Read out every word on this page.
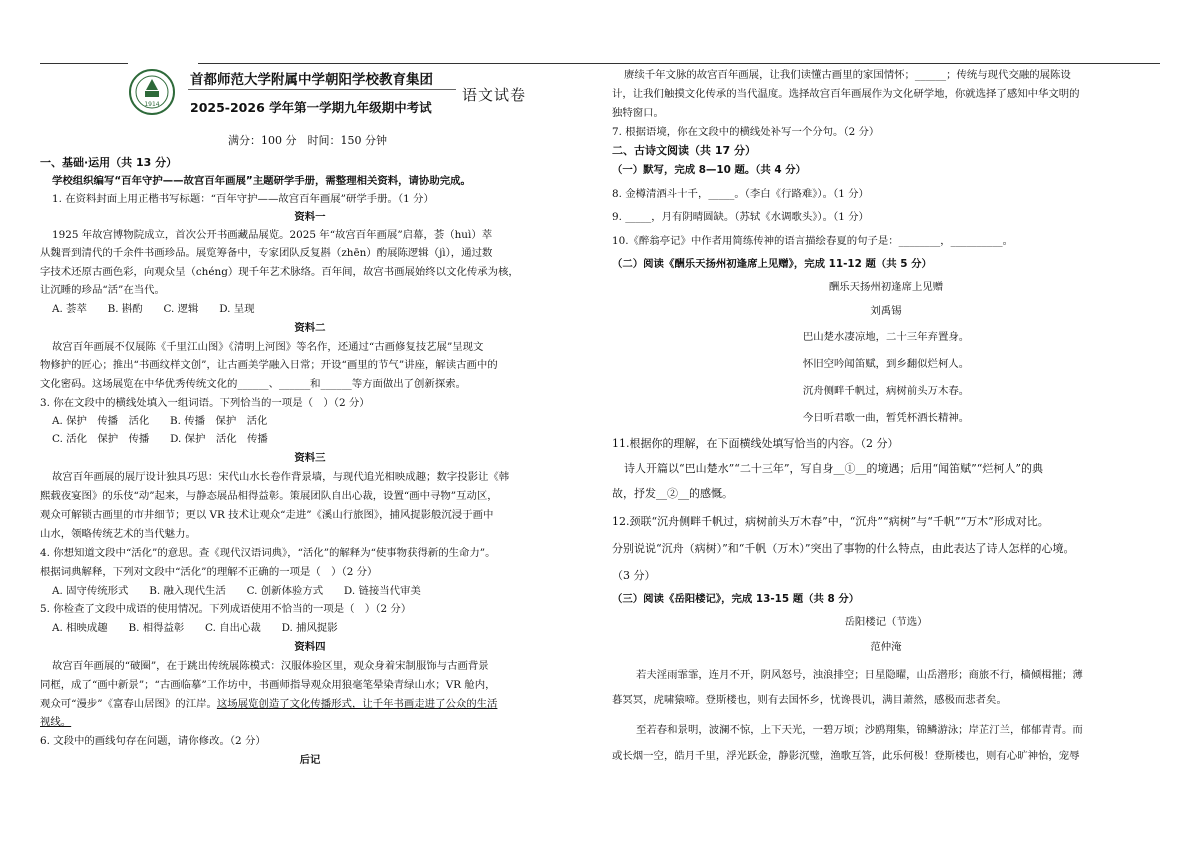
1914
首都师范大学附属中学朝阳学校教育集团
2025-2026 学年第一学期九年级期中考试
语文试卷
满分：100 分　时间：150 分钟
一、基础·运用（共 13 分）
学校组织编写“百年守护——故宫百年画展”主题研学手册，需整理相关资料，请协助完成。
1. 在资料封面上用正楷书写标题：“百年守护——故宫百年画展”研学手册。（1 分）
资料一
1925 年故宫博物院成立，首次公开书画藏品展览。2025 年“故宫百年画展”启幕，荟（huì）萃
从魏晋到清代的千余件书画珍品。展览筹备中，专家团队反复斟（zhēn）酌展陈逻辑（jì），通过数
字技术还原古画色彩，向观众呈（chéng）现千年艺术脉络。百年间，故宫书画展始终以文化传承为核，
让沉睡的珍品“活”在当代。
A. 荟萃　　B. 斟酌　　C. 逻辑　　D. 呈现
资料二
故宫百年画展不仅展陈《千里江山图》《清明上河图》等名作，还通过“古画修复技艺展”呈现文
物修护的匠心；推出“书画纹样文创”，让古画美学融入日常；开设“画里的节气”讲座，解读古画中的
文化密码。这场展览在中华优秀传统文化的______、______和______等方面做出了创新探索。
3. 你在文段中的横线处填入一组词语。下列恰当的一项是（　）（2 分）
A. 保护　传播　活化　　B. 传播　保护　活化
C. 活化　保护　传播　　D. 保护　活化　传播
资料三
故宫百年画展的展厅设计独具巧思：宋代山水长卷作背景墙，与现代追光相映成趣；数字投影让《韩
熙载夜宴图》的乐伎“动”起来，与静态展品相得益彰。策展团队自出心裁，设置“画中寻物”互动区，
观众可解锁古画里的市井细节；更以 VR 技术让观众“走进”《溪山行旅图》，捕风捉影般沉浸于画中
山水，领略传统艺术的当代魅力。
4. 你想知道文段中“活化”的意思。查《现代汉语词典》，“活化”的解释为“使事物获得新的生命力”。
根据词典解释，下列对文段中“活化”的理解不正确的一项是（　）（2 分）
A. 固守传统形式　　B. 融入现代生活　　C. 创新体验方式　　D. 链接当代审美
5. 你检查了文段中成语的使用情况。下列成语使用不恰当的一项是（　）（2 分）
A. 相映成趣　　B. 相得益彰　　C. 自出心裁　　D. 捕风捉影
资料四
故宫百年画展的“破圈”，在于跳出传统展陈模式：汉服体验区里，观众身着宋制服饰与古画背景
同框，成了“画中新景”；“古画临摹”工作坊中，书画师指导观众用狼毫笔晕染青绿山水；VR 舱内，
观众可“漫步”《富春山居图》的江岸。这场展览创造了文化传播形式，让千年书画走进了公众的生活
视线。
6. 文段中的画线句存在问题，请你修改。（2 分）
后记
赓续千年文脉的故宫百年画展，让我们读懂古画里的家国情怀；______；传统与现代交融的展陈设
计，让我们触摸文化传承的当代温度。选择故宫百年画展作为文化研学地，你就选择了感知中华文明的
独特窗口。
7. 根据语境，你在文段中的横线处补写一个分句。（2 分）
二、古诗文阅读（共 17 分）
（一）默写，完成 8—10 题。（共 4 分）
8. 金樽清酒斗十千，_____。（李白《行路难》）。（1 分）
9. _____，月有阴晴圆缺。（苏轼《水调歌头》）。（1 分）
10.《醉翁亭记》中作者用简练传神的语言描绘春夏的句子是：________，__________。
（二）阅读《酬乐天扬州初逢席上见赠》，完成 11-12 题（共 5 分）
酬乐天扬州初逢席上见赠
刘禹锡
巴山楚水凄凉地，二十三年弃置身。
怀旧空吟闻笛赋，到乡翻似烂柯人。
沉舟侧畔千帆过，病树前头万木春。
今日听君歌一曲，暂凭杯酒长精神。
11.根据你的理解，在下面横线处填写恰当的内容。（2 分）
诗人开篇以“巴山楚水”“二十三年”，写自身__①__的境遇；后用“闻笛赋”“烂柯人”的典
故，抒发__②__的感慨。
12.颈联“沉舟侧畔千帆过，病树前头万木春”中，“沉舟”“病树”与“千帆”“万木”形成对比。
分别说说“沉舟（病树）”和“千帆（万木）”突出了事物的什么特点，由此表达了诗人怎样的心境。
（3 分）
（三）阅读《岳阳楼记》，完成 13-15 题（共 8 分）
岳阳楼记（节选）
范仲淹
若夫淫雨霏霏，连月不开，阴风怒号，浊浪排空；日星隐曜，山岳潜形；商旅不行，樯倾楫摧；薄
暮冥冥，虎啸猿啼。登斯楼也，则有去国怀乡，忧谗畏讥，满目萧然，感极而悲者矣。
至若春和景明，波澜不惊，上下天光，一碧万顷；沙鸥翔集，锦鳞游泳；岸芷汀兰，郁郁青青。而
或长烟一空，皓月千里，浮光跃金，静影沉璧，渔歌互答，此乐何极！登斯楼也，则有心旷神怡，宠辱
